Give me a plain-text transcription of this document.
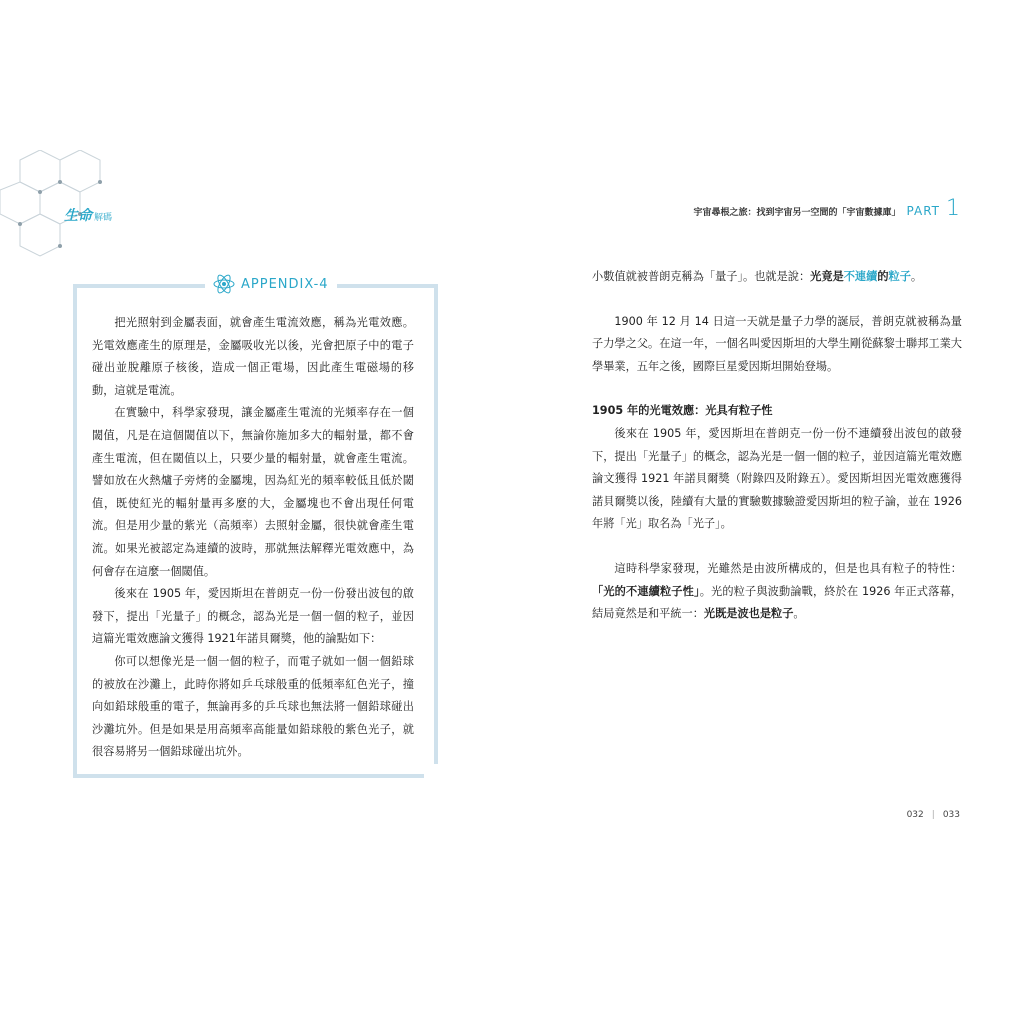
生命 解碼	宇宙尋根之旅：找到宇宙另一空間的「宇宙數據庫」 PART 1
APPENDIX-4

把光照射到金屬表面，就會產生電流效應，稱為光電效應。光電效應產生的原理是，金屬吸收光以後，光會把原子中的電子碰出並脫離原子核後，造成一個正電場，因此產生電磁場的移動，這就是電流。

在實驗中，科學家發現，讓金屬產生電流的光頻率存在一個閾值，凡是在這個閾值以下，無論你施加多大的輻射量，都不會產生電流，但在閾值以上，只要少量的輻射量，就會產生電流。譬如放在火熱爐子旁烤的金屬塊，因為紅光的頻率較低且低於閾值，既使紅光的輻射量再多麼的大，金屬塊也不會出現任何電流。但是用少量的紫光（高頻率）去照射金屬，很快就會產生電流。如果光被認定為連續的波時，那就無法解釋光電效應中，為何會存在這麼一個閾值。

後來在 1905 年，愛因斯坦在普朗克一份一份發出波包的啟發下，提出「光量子」的概念，認為光是一個一個的粒子，並因這篇光電效應論文獲得 1921年諾貝爾獎，他的論點如下：

你可以想像光是一個一個的粒子，而電子就如一個一個鉛球的被放在沙灘上，此時你將如乒乓球般重的低頻率紅色光子，撞向如鉛球般重的電子，無論再多的乒乓球也無法將一個鉛球碰出沙灘坑外。但是如果是用高頻率高能量如鉛球般的紫色光子，就很容易將另一個鉛球碰出坑外。

小數值就被普朗克稱為「量子」。也就是說：光竟是不連續的粒子。

1900 年 12 月 14 日這一天就是量子力學的誕辰，普朗克就被稱為量子力學之父。在這一年，一個名叫愛因斯坦的大學生剛從蘇黎士聯邦工業大學畢業，五年之後，國際巨星愛因斯坦開始登場。

1905 年的光電效應：光具有粒子性

後來在 1905 年，愛因斯坦在普朗克一份一份不連續發出波包的啟發下，提出「光量子」的概念，認為光是一個一個的粒子，並因這篇光電效應論文獲得 1921 年諾貝爾獎（附錄四及附錄五）。愛因斯坦因光電效應獲得諾貝爾獎以後，陸續有大量的實驗數據驗證愛因斯坦的粒子論，並在 1926 年將「光」取名為「光子」。

這時科學家發現，光雖然是由波所構成的，但是也具有粒子的特性：「光的不連續粒子性」。光的粒子與波動論戰，終於在 1926 年正式落幕，結局竟然是和平統一：光既是波也是粒子。

032 | 033
